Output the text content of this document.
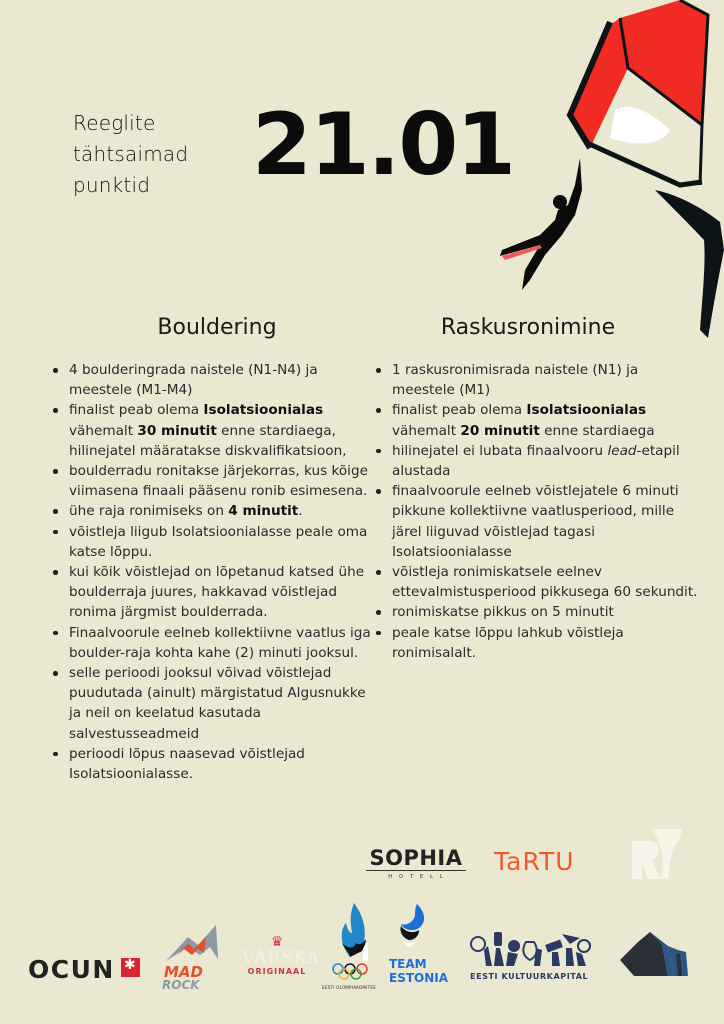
Reeglite
tähtsaimad
punktid	21.01
Bouldering
4 boulderingrada naistele (N1-N4) ja meestele (M1-M4)
finalist peab olema Isolatsioonialas vähemalt 30 minutit enne stardiaega, hilinejatel määratakse diskvalifikatsioon,
boulderradu ronitakse järjekorras, kus kõige viimasena finaali pääsenu ronib esimesena.
ühe raja ronimiseks on 4 minutit.
võistleja liigub Isolatsioonialasse peale oma katse lõppu.
kui kõik võistlejad on lõpetanud katsed ühe boulderraja juures, hakkavad võistlejad ronima järgmist boulderrada.
Finaalvoorule eelneb kollektiivne vaatlus iga boulder-raja kohta kahe (2) minuti jooksul.
selle perioodi jooksul võivad võistlejad puudutada (ainult) märgistatud Algusnukke ja neil on keelatud kasutada salvestusseadmeid
perioodi lõpus naasevad võistlejad Isolatsioonialasse.
Raskusronimine
1 raskusronimisrada naistele (N1) ja meestele (M1)
finalist peab olema Isolatsioonialas vähemalt 20 minutit enne stardiaega
hilinejatel ei lubata finaalvooru lead-etapil alustada
finaalvoorule eelneb võistlejatele 6 minuti pikkune kollektiivne vaatlusperiood, mille järel liiguvad võistlejad tagasi Isolatsioonialasse
võistleja ronimiskatsele eelnev ettevalmistusperiood pikkusega 60 sekundit.
ronimiskatse pikkus on 5 minutit
peale katse lõppu lahkub võistleja ronimisalalt.
SOPHIA
HOTELL
TaRTU
OCUN ✱	MAD
ROCK
♛
VÄRSKA
ORIGINAAL
EESTI OLÜMPIAKOMITEE
TEAM
ESTONIA	EESTI KULTUURKAPITAL
